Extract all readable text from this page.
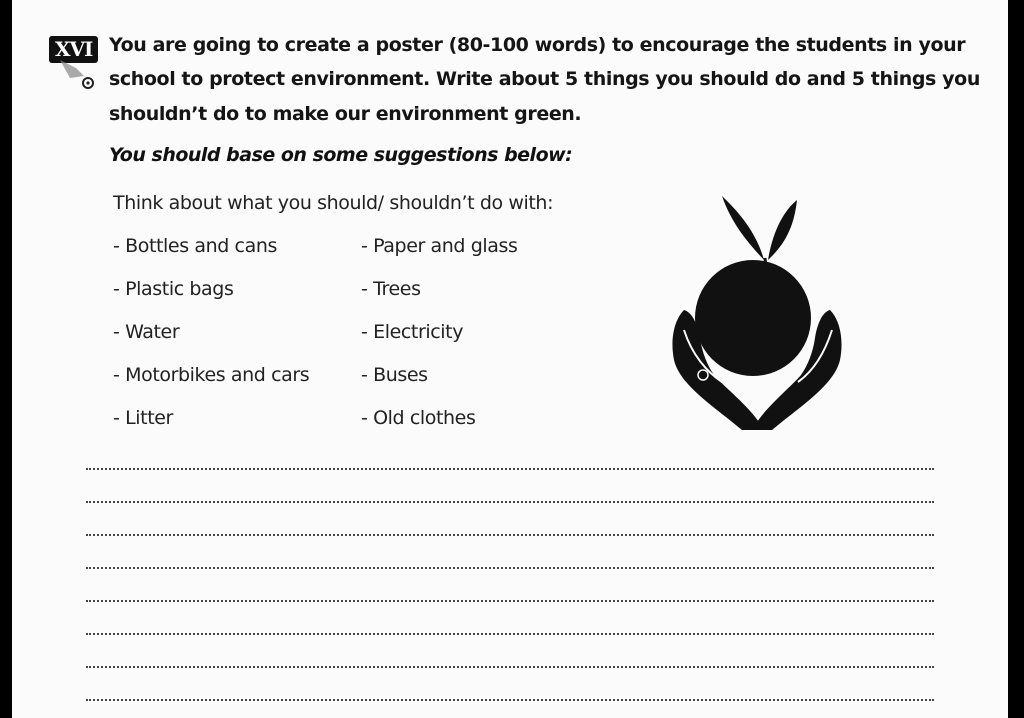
XVI You are going to create a poster (80-100 words) to encourage the students in your
school to protect environment. Write about 5 things you should do and 5 things you
shouldn’t do to make our environment green.
You should base on some suggestions below:
Think about what you should/ shouldn’t do with:
- Bottles and cans
- Plastic bags
- Water
- Motorbikes and cars
- Litter
- Paper and glass
- Trees
- Electricity
- Buses
- Old clothes
